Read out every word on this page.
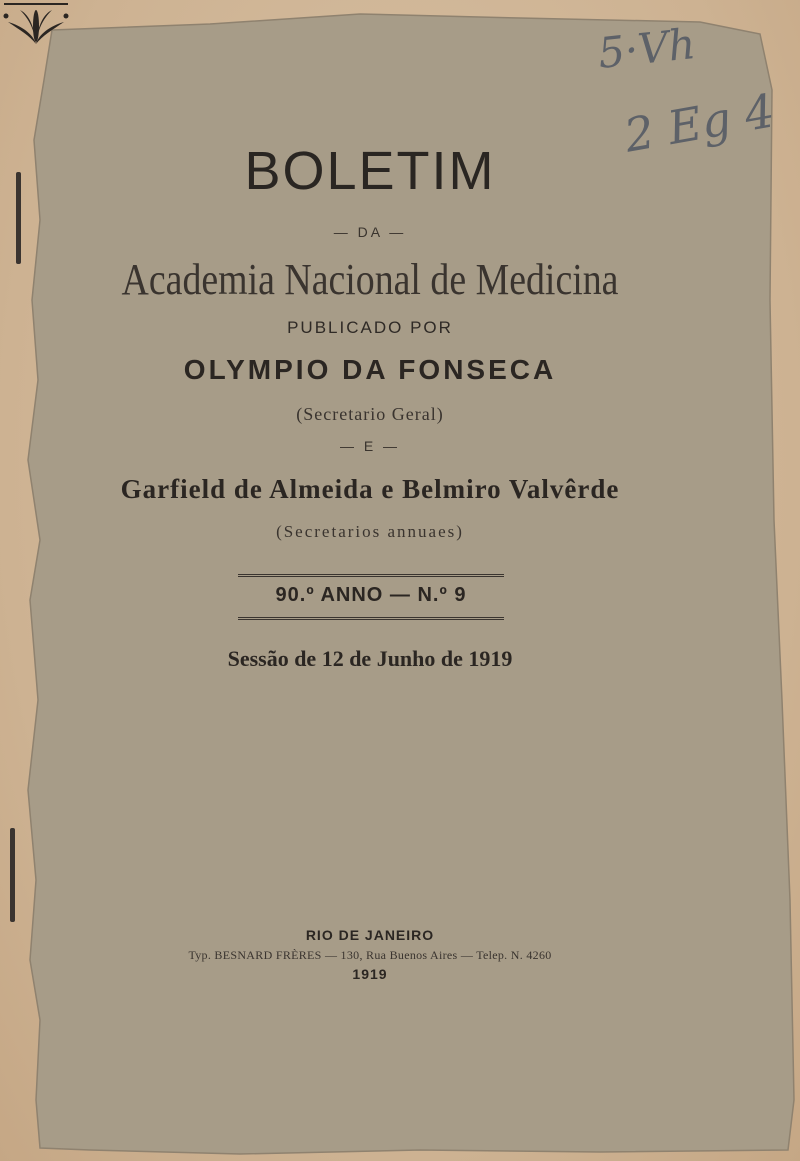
BOLETIM
— DA —
Academia Nacional de Medicina
PUBLICADO POR
OLYMPIO DA FONSECA
(Secretario Geral)
— E —
Garfield de Almeida e Belmiro Valvêrde
(Secretarios annuaes)
90.º ANNO — N.º 9
Sessão de 12 de Junho de 1919
RIO DE JANEIRO
Typ. BESNARD FRÈRES — 130, Rua Buenos Aires — Telep. N. 4260
1919
5·Vh
2 Eg 4
